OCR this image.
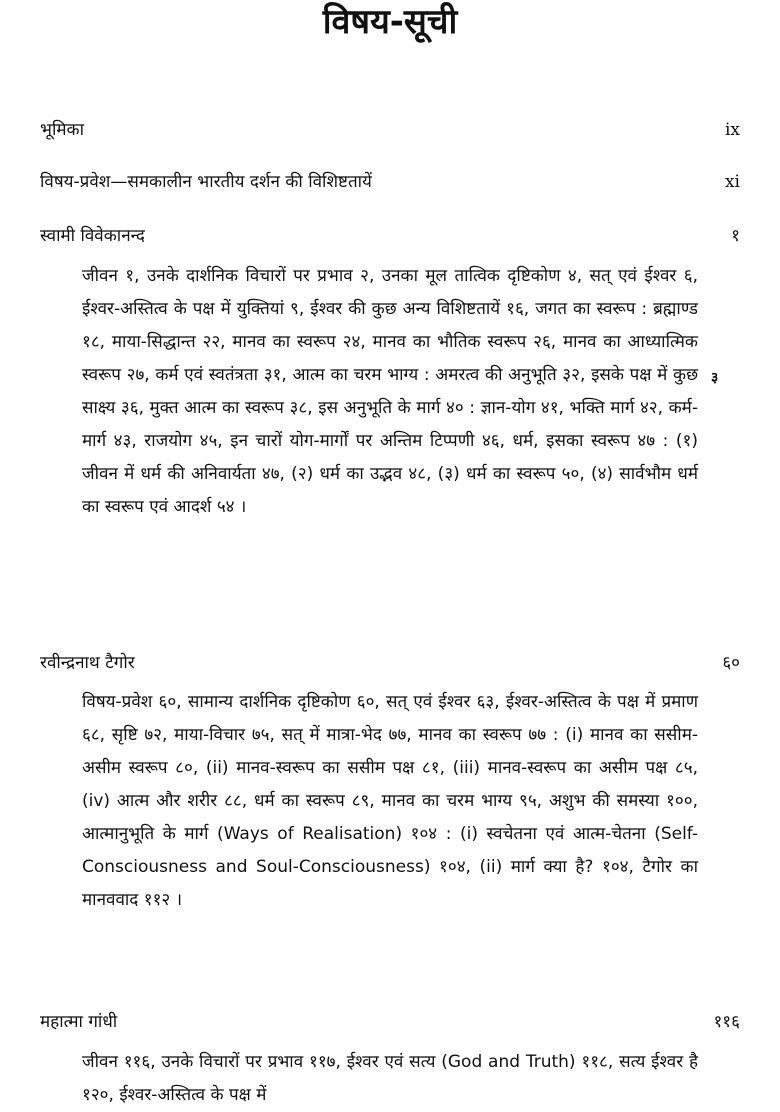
विषय-सूची
भूमिका	ix
विषय-प्रवेश—समकालीन भारतीय दर्शन की विशिष्टतायें	xi
स्वामी विवेकानन्द	१
जीवन १, उनके दार्शनिक विचारों पर प्रभाव २, उनका मूल तात्विक दृष्टिकोण ४, सत् एवं ईश्वर ६, ईश्वर-अस्तित्व के पक्ष में युक्तियां ९, ईश्वर की कुछ अन्य विशिष्टतायें १६, जगत का स्वरूप : ब्रह्माण्ड १८, माया-सिद्धान्त २२, मानव का स्वरूप २४, मानव का भौतिक स्वरूप २६, मानव का आध्यात्मिक स्वरूप २७, कर्म एवं स्वतंत्रता ३१, आत्म का चरम भाग्य : अमरत्व की अनुभूति ३२, इसके पक्ष में कुछ साक्ष्य ३६, मुक्त आत्म का स्वरूप ३८, इस अनुभूति के मार्ग ४० : ज्ञान-योग ४१, भक्ति मार्ग ४२, कर्म-मार्ग ४३, राजयोग ४५, इन चारों योग-मार्गों पर अन्तिम टिप्पणी ४६, धर्म, इसका स्वरूप ४७ : (१) जीवन में धर्म की अनिवार्यता ४७, (२) धर्म का उद्भव ४८, (३) धर्म का स्वरूप ५०, (४) सार्वभौम धर्म का स्वरूप एवं आदर्श ५४ ।
३
रवीन्द्रनाथ टैगोर	६०
विषय-प्रवेश ६०, सामान्य दार्शनिक दृष्टिकोण ६०, सत् एवं ईश्वर ६३, ईश्वर-अस्तित्व के पक्ष में प्रमाण ६८, सृष्टि ७२, माया-विचार ७५, सत् में मात्रा-भेद ७७, मानव का स्वरूप ७७ : (i) मानव का ससीम-असीम स्वरूप ८०, (ii) मानव-स्वरूप का ससीम पक्ष ८१, (iii) मानव-स्वरूप का असीम पक्ष ८५, (iv) आत्म और शरीर ८८, धर्म का स्वरूप ८९, मानव का चरम भाग्य ९५, अशुभ की समस्या १००, आत्मानुभूति के मार्ग (Ways of Realisation) १०४ : (i) स्वचेतना एवं आत्म-चेतना (Self-Consciousness and Soul-Consciousness) १०४, (ii) मार्ग क्या है? १०४, टैगोर का मानववाद ११२ ।
महात्मा गांधी	११६
जीवन ११६, उनके विचारों पर प्रभाव ११७, ईश्वर एवं सत्य (God and Truth) ११८, सत्य ईश्वर है १२०, ईश्वर-अस्तित्व के पक्ष में
